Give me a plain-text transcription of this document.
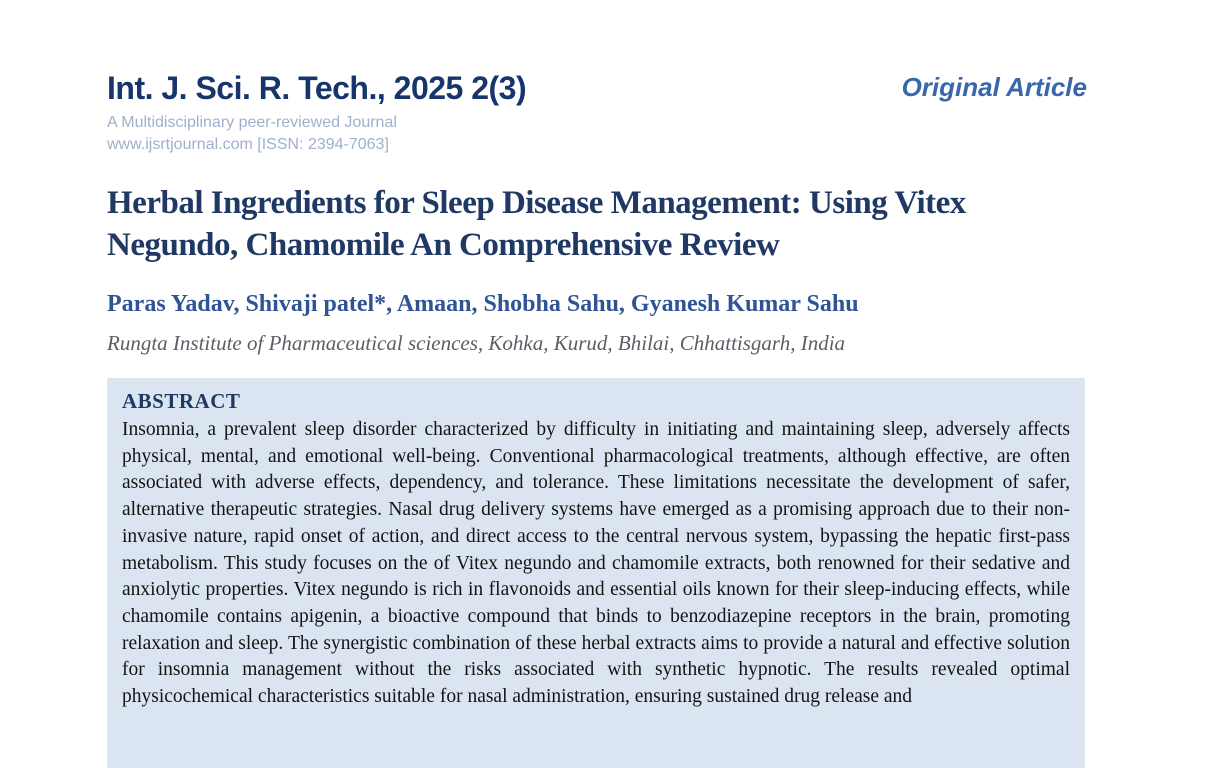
Int. J. Sci. R. Tech., 2025 2(3)
A Multidisciplinary peer-reviewed Journal
www.ijsrtjournal.com [ISSN: 2394-7063]
Original Article
Herbal Ingredients for Sleep Disease Management: Using Vitex Negundo, Chamomile An Comprehensive Review
Paras Yadav, Shivaji patel*, Amaan, Shobha Sahu, Gyanesh Kumar Sahu
Rungta Institute of Pharmaceutical sciences, Kohka, Kurud, Bhilai, Chhattisgarh, India
ABSTRACT

Insomnia, a prevalent sleep disorder characterized by difficulty in initiating and maintaining sleep, adversely affects physical, mental, and emotional well-being. Conventional pharmacological treatments, although effective, are often associated with adverse effects, dependency, and tolerance. These limitations necessitate the development of safer, alternative therapeutic strategies. Nasal drug delivery systems have emerged as a promising approach due to their non-invasive nature, rapid onset of action, and direct access to the central nervous system, bypassing the hepatic first-pass metabolism. This study focuses on the of Vitex negundo and chamomile extracts, both renowned for their sedative and anxiolytic properties. Vitex negundo is rich in flavonoids and essential oils known for their sleep-inducing effects, while chamomile contains apigenin, a bioactive compound that binds to benzodiazepine receptors in the brain, promoting relaxation and sleep. The synergistic combination of these herbal extracts aims to provide a natural and effective solution for insomnia management without the risks associated with synthetic hypnotic. The results revealed optimal physicochemical characteristics suitable for nasal administration, ensuring sustained drug release and
